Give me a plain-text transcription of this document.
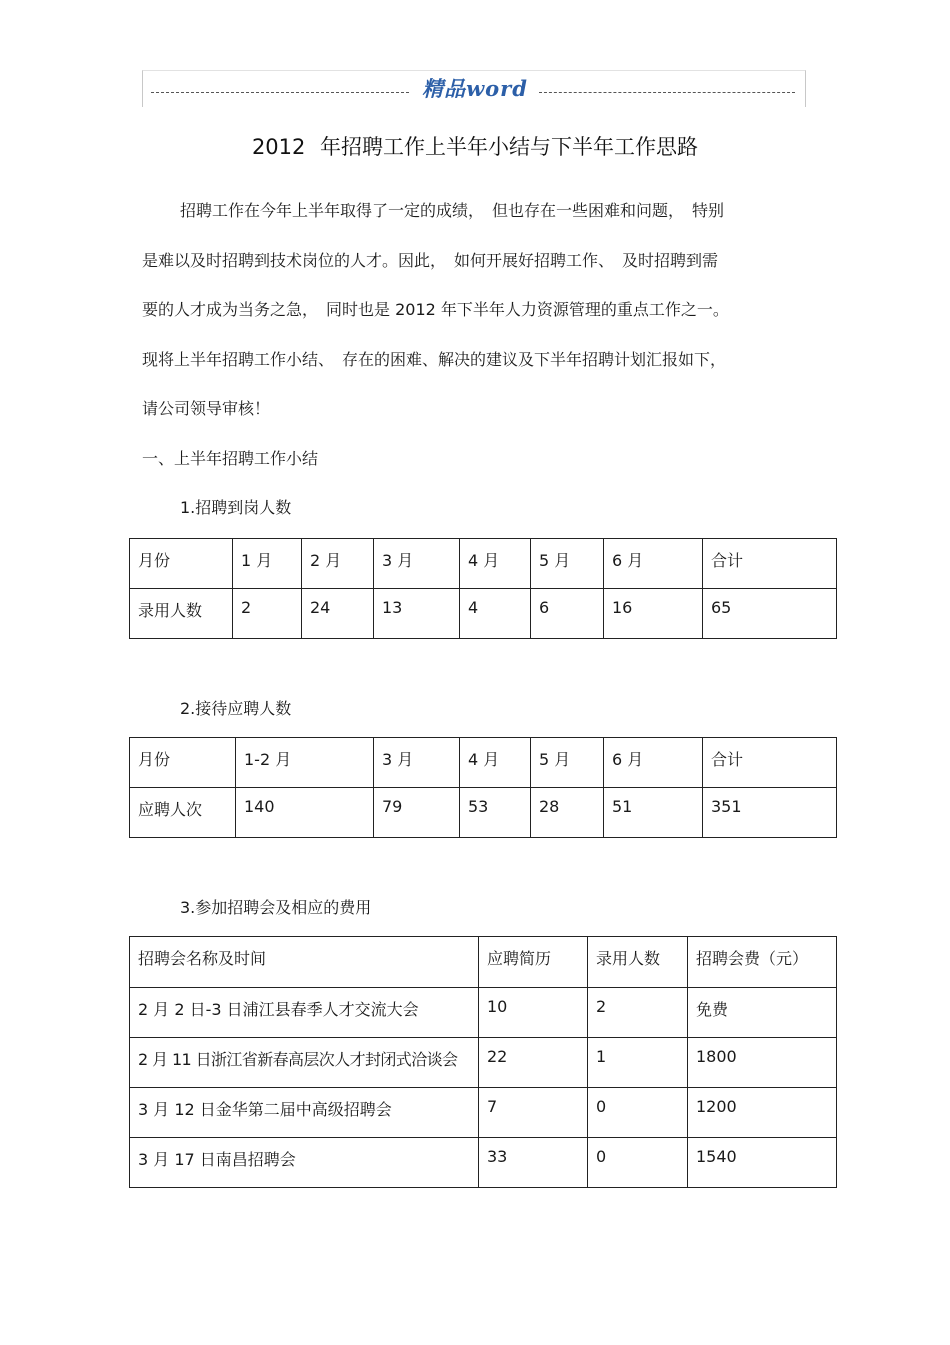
精品word
2012 年招聘工作上半年小结与下半年工作思路

招聘工作在今年上半年取得了一定的成绩，　但也存在一些困难和问题，　特别
是难以及时招聘到技术岗位的人才。因此，　如何开展好招聘工作、　及时招聘到需
要的人才成为当务之急，　同时也是 2012 年下半年人力资源管理的重点工作之一。
现将上半年招聘工作小结、　存在的困难、解决的建议及下半年招聘计划汇报如下，
请公司领导审核！

一、上半年招聘工作小结
1.招聘到岗人数
月份	1 月	2 月	3 月	4 月	5 月	6 月	合计
录用人数	2	24	13	4	6	16	65
2.接待应聘人数
月份	1-2 月	3 月	4 月	5 月	6 月	合计
应聘人次	140	79	53	28	51	351
3.参加招聘会及相应的费用
招聘会名称及时间	应聘简历	录用人数	招聘会费（元）
2 月 2 日-3 日浦江县春季人才交流大会	10	2	免费
2 月 11 日浙江省新春高层次人才封闭式洽谈会	22	1	1800
3 月 12 日金华第二届中高级招聘会	7	0	1200
3 月 17 日南昌招聘会	33	0	1540
